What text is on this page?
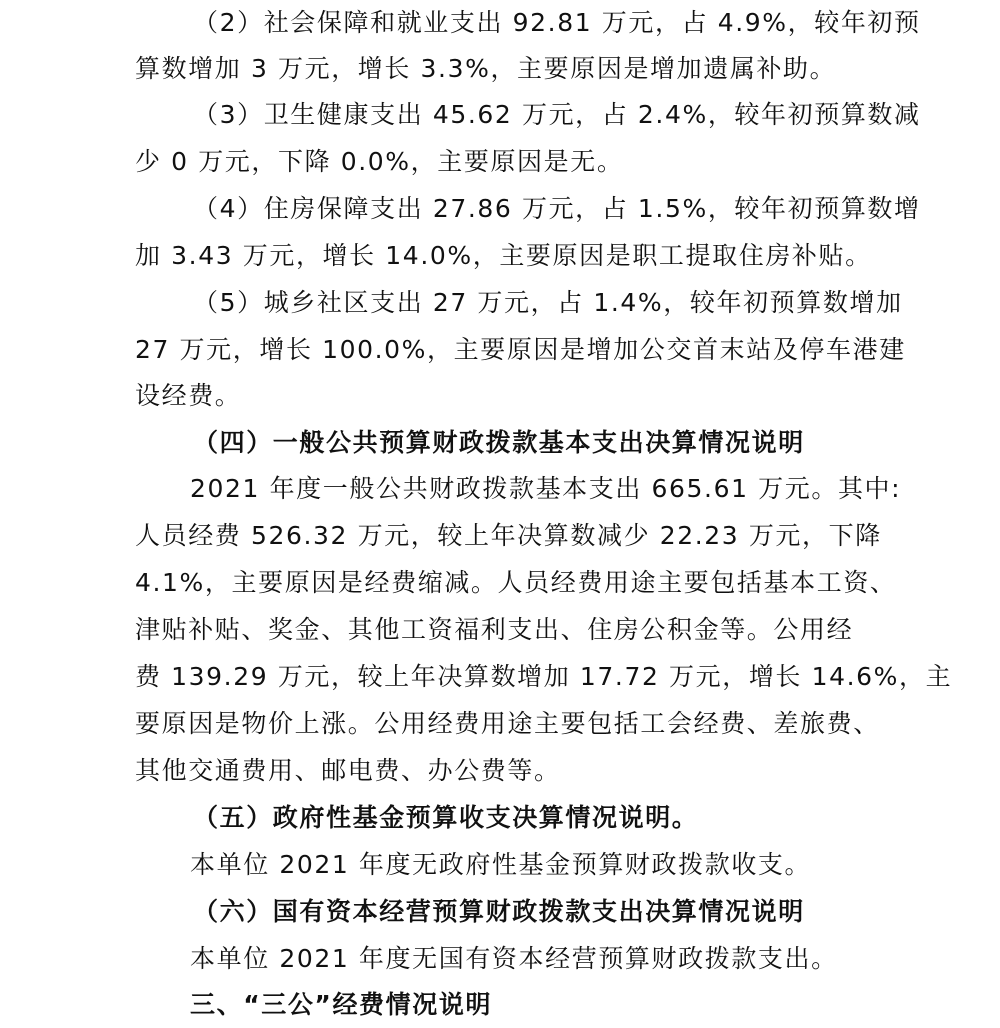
（2）社会保障和就业支出 92.81 万元，占 4.9%，较年初预
算数增加 3 万元，增长 3.3%，主要原因是增加遗属补助。
（3）卫生健康支出 45.62 万元，占 2.4%，较年初预算数减
少 0 万元，下降 0.0%，主要原因是无。
（4）住房保障支出 27.86 万元，占 1.5%，较年初预算数增
加 3.43 万元，增长 14.0%，主要原因是职工提取住房补贴。
（5）城乡社区支出 27 万元，占 1.4%，较年初预算数增加
27 万元，增长 100.0%，主要原因是增加公交首末站及停车港建
设经费。
（四）一般公共预算财政拨款基本支出决算情况说明
2021 年度一般公共财政拨款基本支出 665.61 万元。其中:
人员经费 526.32 万元，较上年决算数减少 22.23 万元，下降
4.1%，主要原因是经费缩减。人员经费用途主要包括基本工资、
津贴补贴、奖金、其他工资福利支出、住房公积金等。公用经
费 139.29 万元，较上年决算数增加 17.72 万元，增长 14.6%，主
要原因是物价上涨。公用经费用途主要包括工会经费、差旅费、
其他交通费用、邮电费、办公费等。
（五）政府性基金预算收支决算情况说明。
本单位 2021 年度无政府性基金预算财政拨款收支。
（六）国有资本经营预算财政拨款支出决算情况说明
本单位 2021 年度无国有资本经营预算财政拨款支出。
三、“三公”经费情况说明
